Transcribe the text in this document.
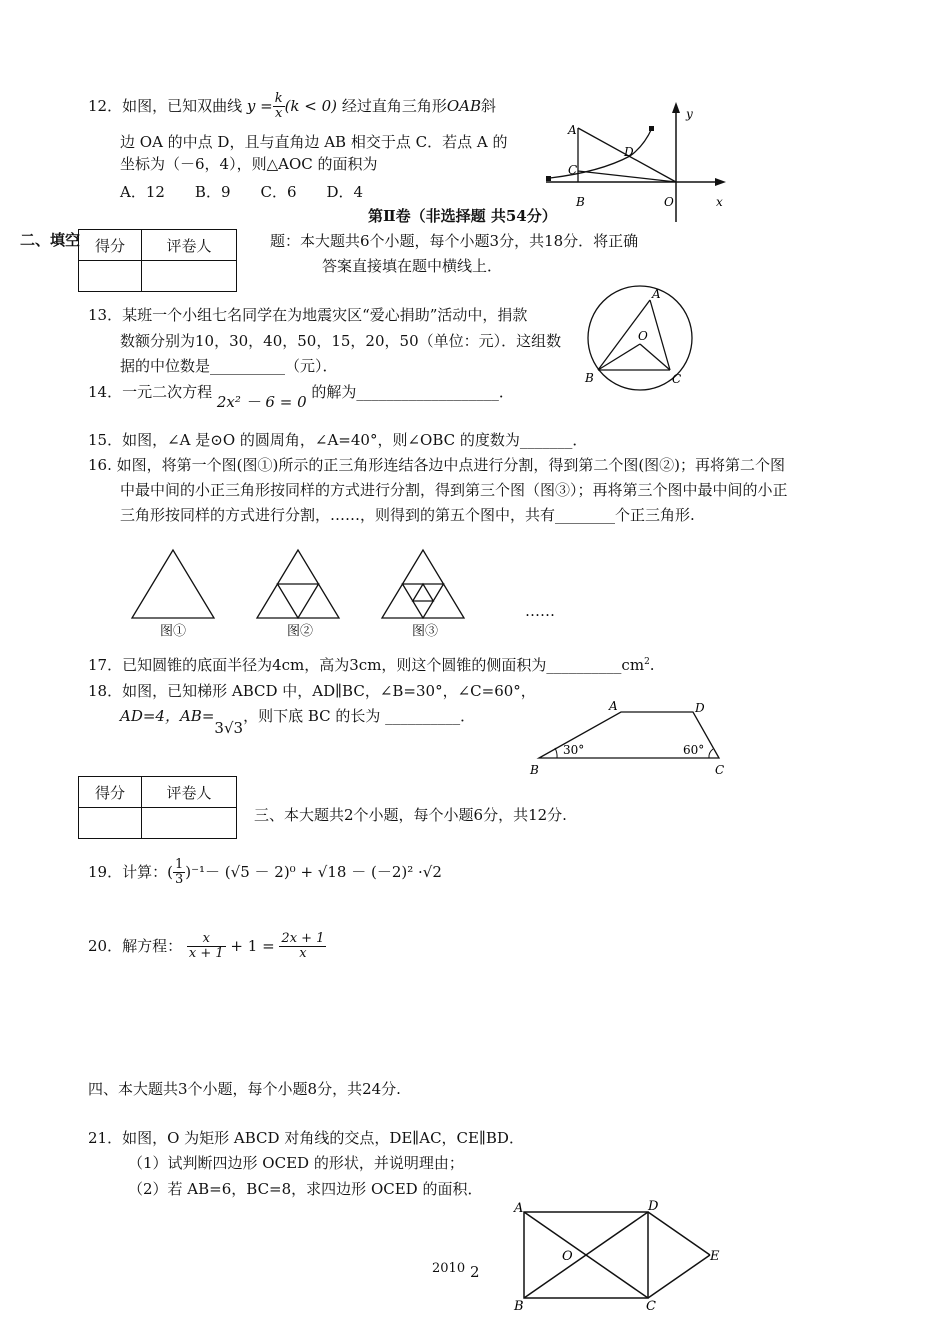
12．如图，已知双曲线 $y = \frac{k}{x} (k < 0)$ 经过直角三角形OAB斜
边 OA 的中点 D，且与直角边 AB 相交于点 C．若点 A 的
坐标为（－6，4），则△AOC 的面积为
A．12　　B．9　　C．6　　D．4
A
C
D
B	O	x
y
第Ⅱ卷（非选择题 共54分）
二、填空 得分	评卷人
		题：本大题共6个小题，每个小题3分，共18分．将正确
答案直接填在题中横线上．
13．某班一个小组七名同学在为地震灾区“爱心捐助”活动中，捐款
数额分别为10，30，40，50，15，20，50（单位：元）．这组数
据的中位数是__________（元）．
A
O
B	C
14．一元二次方程 2x² － 6 = 0 的解为___________________．
15．如图，∠A 是⊙O 的圆周角，∠A=40°，则∠OBC 的度数为_______．
16. 如图，将第一个图(图①)所示的正三角形连结各边中点进行分割，得到第二个图(图②)；再将第二个图
中最中间的小正三角形按同样的方式进行分割，得到第三个图（图③）；再将第三个图中最中间的小正
三角形按同样的方式进行分割，……，则得到的第五个图中，共有________个正三角形.
图①	图②	图③
……
17．已知圆锥的底面半径为4cm，高为3cm，则这个圆锥的侧面积为$\_\_\_\_\_\_\_\_\_\_cm^2$.
18．如图，已知梯形 ABCD 中，AD∥BC，∠B=30°，∠C=60°，
AD=4，AB=3√3，则下底 BC 的长为 __________．
A	D
B	C
30°	60°
得分	评卷人

三、本大题共2个小题，每个小题6分，共12分.
19．计算：( $\frac{1}{3} )^{-1}- (√5 - 2)^0 + √18 - (-2)^2 \cdot√2$
20．解方程： $\frac{x}{x + 1} + 1 = \frac{2x + 1}{x}$
四、本大题共3个小题，每个小题8分，共24分.
21．如图，O 为矩形 ABCD 对角线的交点，DE∥AC，CE∥BD．
（1）试判断四边形 OCED 的形状，并说明理由；
（2）若 AB=6，BC=8，求四边形 OCED 的面积．
A	D
O	E
B	C
2010 2
